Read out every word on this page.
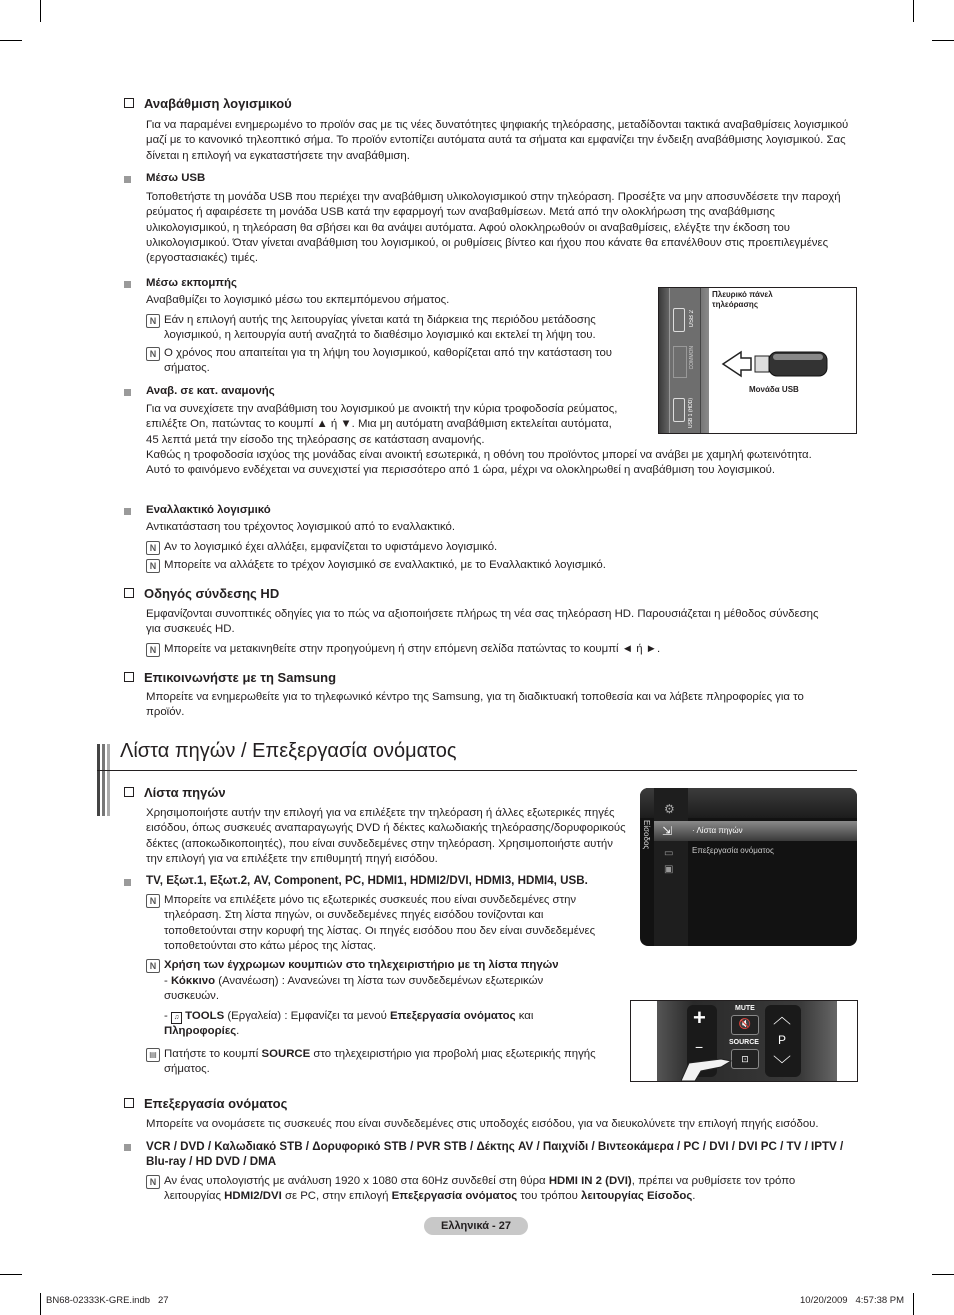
Αναβάθμιση λογισμικού
Για να παραμένει ενημερωμένο το προϊόν σας με τις νέες δυνατότητες ψηφιακής τηλεόρασης, μεταδίδονται τακτικά αναβαθμίσεις λογισμικού μαζί με το κανονικό τηλεοπτικό σήμα. Το προϊόν εντοπίζει αυτόματα αυτά τα σήματα και εμφανίζει την ένδειξη αναβάθμισης λογισμικού. Σας δίνεται η επιλογή να εγκαταστήσετε την αναβάθμιση.
Μέσω USB
Τοποθετήστε τη μονάδα USB που περιέχει την αναβάθμιση υλικολογισμικού στην τηλεόραση. Προσέξτε να μην αποσυνδέσετε την παροχή ρεύματος ή αφαιρέσετε τη μονάδα USB κατά την εφαρμογή των αναβαθμίσεων. Μετά από την ολοκλήρωση της αναβάθμισης υλικολογισμικού, η τηλεόραση θα σβήσει και θα ανάψει αυτόματα. Αφού ολοκληρωθούν οι αναβαθμίσεις, ελέγξτε την έκδοση του υλικολογισμικού. Όταν γίνεται αναβάθμιση του λογισμικού, οι ρυθμίσεις βίντεο και ήχου που κάνατε θα επανέλθουν στις προεπιλεγμένες (εργοστασιακές) τιμές.
Μέσω εκπομπής
Αναβαθμίζει το λογισμικό μέσω του εκπεμπόμενου σήματος.
N Εάν η επιλογή αυτής της λειτουργίας γίνεται κατά τη διάρκεια της περιόδου μετάδοσης λογισμικού, η λειτουργία αυτή αναζητά το διαθέσιμο λογισμικό και εκτελεί τη λήψη του.
N Ο χρόνος που απαιτείται για τη λήψη του λογισμικού, καθορίζεται από την κατάσταση του σήματος.
Αναβ. σε κατ. αναμονής
Για να συνεχίσετε την αναβάθμιση του λογισμικού με ανοικτή την κύρια τροφοδοσία ρεύματος, επιλέξτε On, πατώντας το κουμπί ▲ ή ▼. Μια μη αυτόματη αναβάθμιση εκτελείται αυτόματα, 45 λεπτά μετά την είσοδο της τηλεόρασης σε κατάσταση αναμονής.
Καθώς η τροφοδοσία ισχύος της μονάδας είναι ανοικτή εσωτερικά, η οθόνη του προϊόντος μπορεί να ανάβει με χαμηλή φωτεινότητα. Αυτό το φαινόμενο ενδέχεται να συνεχιστεί για περισσότερο από 1 ώρα, μέχρι να ολοκληρωθεί η αναβάθμιση του λογισμικού.
Εναλλακτικό λογισμικό
Αντικατάσταση του τρέχοντος λογισμικού από το εναλλακτικό.
N Αν το λογισμικό έχει αλλάξει, εμφανίζεται το υφιστάμενο λογισμικό.
N Μπορείτε να αλλάξετε το τρέχον λογισμικό σε εναλλακτικό, με το Εναλλακτικό λογισμικό.
USB 2
COMMON
USB 1 (HDD)
Πλευρικό πάνελ τηλεόρασης
Μονάδα USB
Οδηγός σύνδεσης HD
Εμφανίζονται συνοπτικές οδηγίες για το πώς να αξιοποιήσετε πλήρως τη νέα σας τηλεόραση HD. Παρουσιάζεται η μέθοδος σύνδεσης για συσκευές HD.
N Μπορείτε να μετακινηθείτε στην προηγούμενη ή στην επόμενη σελίδα πατώντας το κουμπί ◄ ή ►.
Επικοινωνήστε με τη Samsung
Μπορείτε να ενημερωθείτε για το τηλεφωνικό κέντρο της Samsung, για τη διαδικτυακή τοποθεσία και να λάβετε πληροφορίες για το προϊόν.
Λίστα πηγών / Επεξεργασία ονόματος
Λίστα πηγών
Χρησιμοποιήστε αυτήν την επιλογή για να επιλέξετε την τηλεόραση ή άλλες εξωτερικές πηγές εισόδου, όπως συσκευές αναπαραγωγής DVD ή δέκτες καλωδιακής τηλεόρασης/δορυφορικούς δέκτες (αποκωδικοποιητές), που είναι συνδεδεμένες στην τηλεόραση. Χρησιμοποιήστε αυτήν την επιλογή για να επιλέξετε την επιθυμητή πηγή εισόδου.
TV, Εξωτ.1, Εξωτ.2, AV, Component, PC, HDMI1, HDMI2/DVI, HDMI3, HDMI4, USB.
N Μπορείτε να επιλέξετε μόνο τις εξωτερικές συσκευές που είναι συνδεδεμένες στην τηλεόραση. Στη λίστα πηγών, οι συνδεδεμένες πηγές εισόδου τονίζονται και τοποθετούνται στην κορυφή της λίστας. Οι πηγές εισόδου που δεν είναι συνδεδεμένες τοποθετούνται στο κάτω μέρος της λίστας.
N Χρήση των έγχρωμων κουμπιών στο τηλεχειριστήριο με τη λίστα πηγών
- Κόκκινο (Ανανέωση) : Ανανεώνει τη λίστα των συνδεδεμένων εξωτερικών συσκευών.
- ♫ TOOLS (Εργαλεία) : Εμφανίζει τα μενού Επεξεργασία ονόματος και Πληροφορίες.
▤ Πατήστε το κουμπί SOURCE στο τηλεχειριστήριο για προβολή μιας εξωτερικής πηγής σήματος.
Είσοδος
⚙
⇲ · Λίστα πηγών
Επεξεργασία ονόματος
▭
▣
+
−
MUTE
🔇
SOURCE
⊡
︿
P
﹀
Επεξεργασία ονόματος
Μπορείτε να ονομάσετε τις συσκευές που είναι συνδεδεμένες στις υποδοχές εισόδου, για να διευκολύνετε την επιλογή πηγής εισόδου.
VCR / DVD / Καλωδιακό STB / Δορυφορικό STB / PVR STB / Δέκτης AV / Παιχνίδι / Βιντεοκάμερα / PC / DVI / DVI PC / TV / IPTV / Blu-ray / HD DVD / DMA
N Αν ένας υπολογιστής με ανάλυση 1920 x 1080 στα 60Hz συνδεθεί στη θύρα HDMI IN 2 (DVI), πρέπει να ρυθμίσετε τον τρόπο λειτουργίας HDMI2/DVI σε PC, στην επιλογή Επεξεργασία ονόματος του τρόπου λειτουργίας Είσοδος.
Ελληνικά - 27
BN68-02333K-GRE.indb   27	10/20/2009   4:57:38 PM
